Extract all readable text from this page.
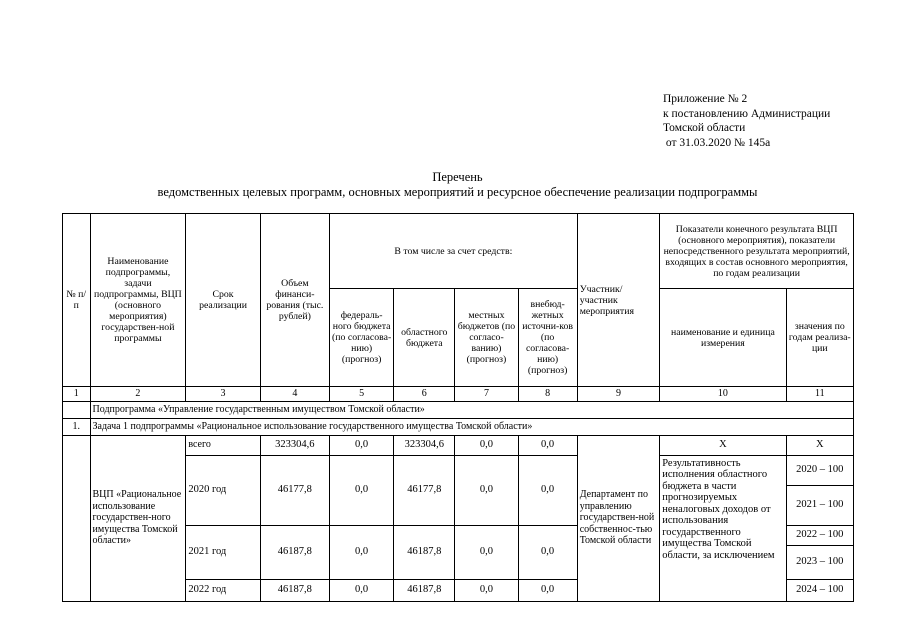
Приложение № 2
к постановлению Администрации
Томской области
от 31.03.2020 № 145а
Перечень
ведомственных целевых программ, основных мероприятий и ресурсное обеспечение реализации подпрограммы
№ п/п	Наименование подпрограммы, задачи подпрограммы, ВЦП (основного мероприятия) государствен-ной программы	Срок реализации	Объем финанси-рования (тыс. рублей)	В том числе за счет средств:				Участник/ участник мероприятия	Показатели конечного результата ВЦП (основного мероприятия), показатели непосредственного результата мероприятий, входящих в состав основного мероприятия, по годам реализации	
				федераль-ного бюджета (по согласова-нию) (прогноз)	областного бюджета	местных бюджетов (по согласо-ванию) (прогноз)	внебюд-жетных источни-ков (по согласова-нию) (прогноз)		наименование и единица измерения	значения по годам реализа-ции
1	2	3	4	5	6	7	8	9	10	11
	Подпрограмма «Управление государственным имуществом Томской области»									
1.	Задача 1 подпрограммы «Рациональное использование государственного имущества Томской области»									
	ВЦП «Рациональное использование государствен-ного имущества Томской области»	всего	323304,6	0,0	323304,6	0,0	0,0	Департамент по управлению государствен-ной собственнос-тью Томской области	Х	Х
		2020 год	46177,8	0,0	46177,8	0,0	0,0		Результативность исполнения областного бюджета в части прогнозируемых неналоговых доходов от использования государственного имущества Томской области, за исключением	2020 – 100
										2021 – 100
		2021 год	46187,8	0,0	46187,8	0,0	0,0			2022 – 100
										2023 – 100
		2022 год	46187,8	0,0	46187,8	0,0	0,0			2024 – 100
